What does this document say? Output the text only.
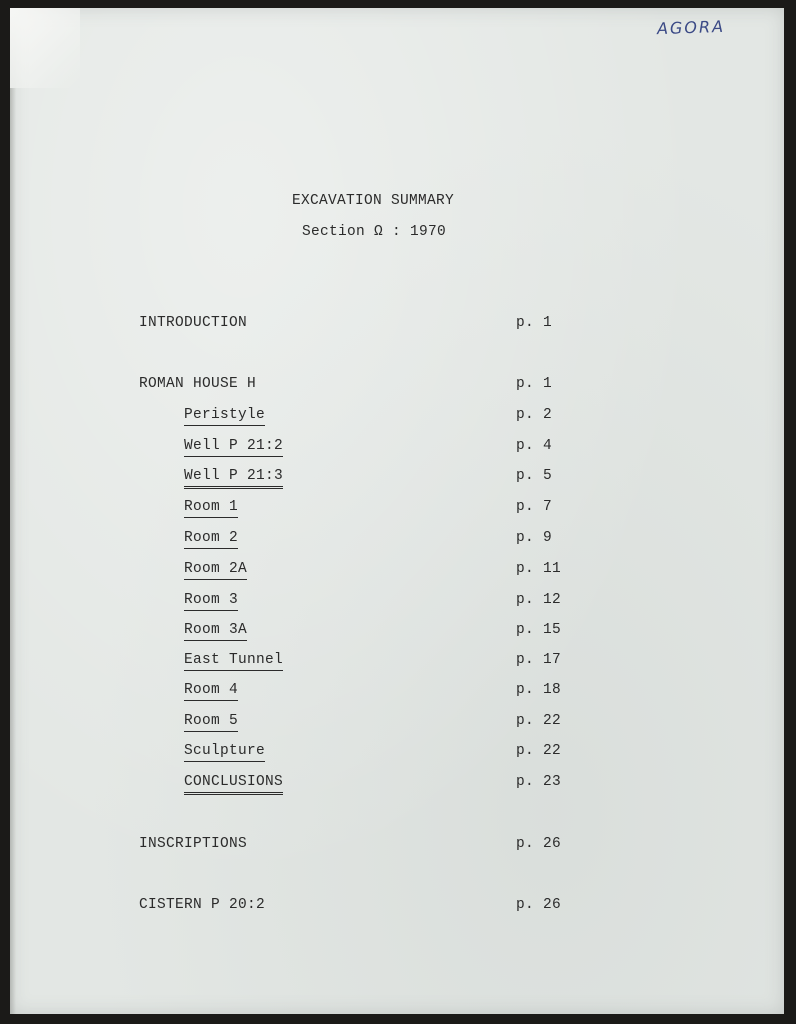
AGORA
EXCAVATION SUMMARY
Section Ω : 1970
INTRODUCTION	p. 1
ROMAN HOUSE H	p. 1
Peristyle	p. 2
Well P 21:2	p. 4
Well P 21:3	p. 5
Room 1	p. 7
Room 2	p. 9
Room 2A	p. 11
Room 3	p. 12
Room 3A	p. 15
East Tunnel	p. 17
Room 4	p. 18
Room 5	p. 22
Sculpture	p. 22
CONCLUSIONS	p. 23
INSCRIPTIONS	p. 26
CISTERN P 20:2	p. 26
